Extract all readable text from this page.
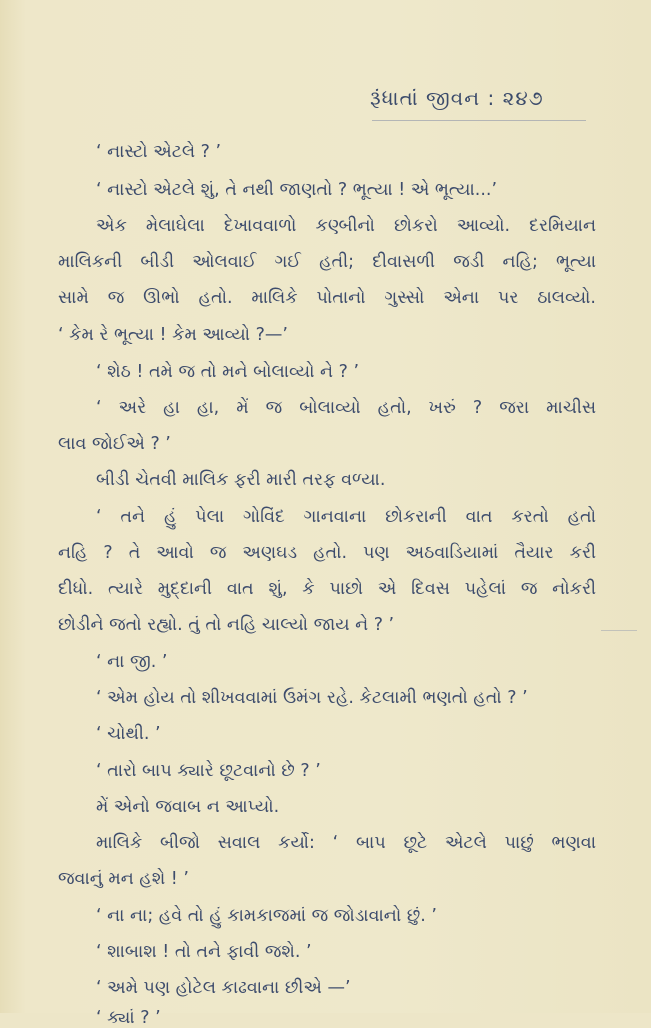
રૂંધાતાં જીવન : ૨૪૭
‘ નાસ્ટો એટલે ? ’
‘ નાસ્ટો એટલે શું, તે નથી જાણતો ? ભૂત્યા ! એ ભૂત્યા...’
એક મેલાઘેલા દેખાવવાળો કણ્બીનો છોકરો આવ્યો. દરમિયાન
માલિકની બીડી ઓલવાઈ ગઈ હતી; દીવાસળી જડી નહિ; ભૂત્યા
સામે જ ઊભો હતો. માલિકે પોતાનો ગુસ્સો એના પર ઠાલવ્યો.
‘ કેમ રે ભૂત્યા ! કેમ આવ્યો ?—’
‘ શેઠ ! તમે જ તો મને બોલાવ્યો ને ? ’
‘ અરે હા હા, મેં જ બોલાવ્યો હતો, ખરું ? જરા માચીસ
લાવ જોઈએ ? ’
બીડી ચેતવી માલિક ફરી મારી તરફ વળ્યા.
‘ તને હું પેલા ગોવિંદ ગાનવાના છોકરાની વાત કરતો હતો
નહિ ? તે આવો જ અણઘડ હતો. પણ અઠવાડિયામાં તૈયાર કરી
દીધો. ત્યારે મુદ્દાની વાત શું, કે પાછો એ દિવસ પહેલાં જ નોકરી
છોડીને જતો રહ્યો. તું તો નહિ ચાલ્યો જાય ને ? ’
‘ ના જી. ’
‘ એમ હોય તો શીખવવામાં ઉમંગ રહે. કેટલામી ભણતો હતો ? ’
‘ ચોથી. ’
‘ તારો બાપ ક્યારે છૂટવાનો છે ? ’
મેં એનો જવાબ ન આપ્યો.
માલિકે બીજો સવાલ કર્યો: ‘ બાપ છૂટે એટલે પાછું ભણવા
જવાનું મન હશે ! ’
‘ ના ના; હવે તો હું કામકાજમાં જ જોડાવાનો છું. ’
‘ શાબાશ ! તો તને ફાવી જશે. ’
‘ અમે પણ હોટેલ કાઢવાના છીએ —’
‘ ક્યાં ? ’
